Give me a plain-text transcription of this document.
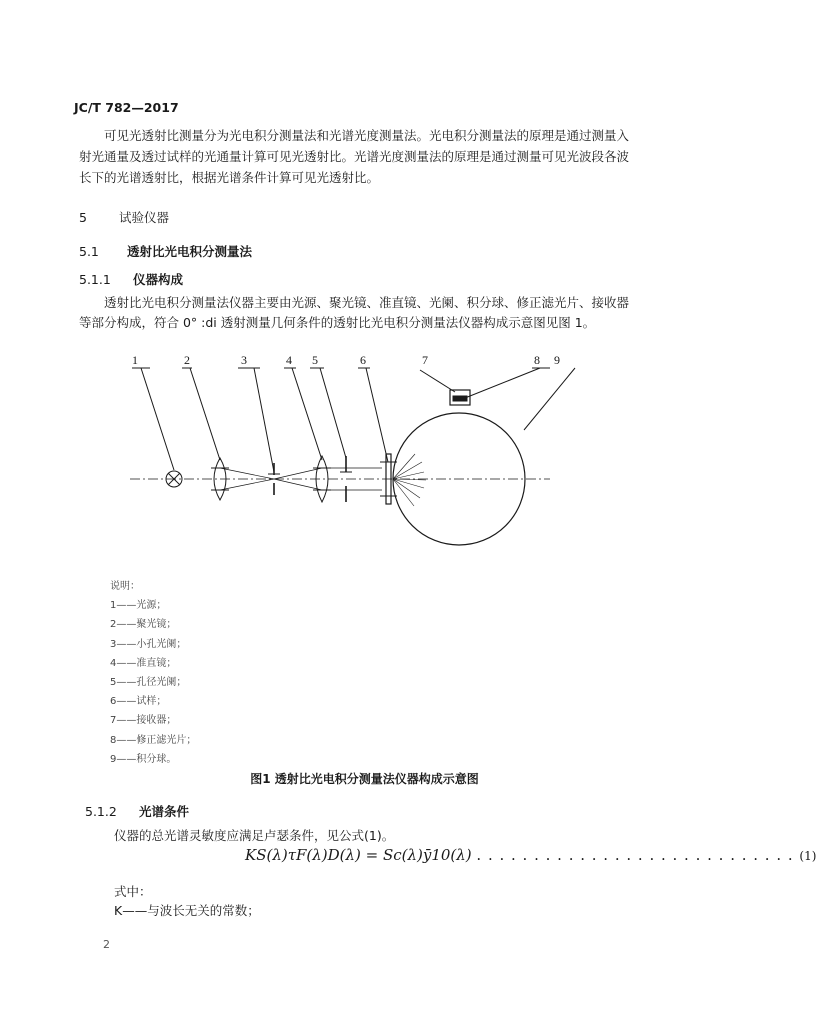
JC/T 782—2017
可见光透射比测量分为光电积分测量法和光谱光度测量法。光电积分测量法的原理是通过测量入射光通量及透过试样的光通量计算可见光透射比。光谱光度测量法的原理是通过测量可见光波段各波长下的光谱透射比，根据光谱条件计算可见光透射比。
5	试验仪器
5.1 透射比光电积分测量法
5.1.1 仪器构成
透射比光电积分测量法仪器主要由光源、聚光镜、准直镜、光阑、积分球、修正滤光片、接收器等部分构成，符合 0° :di 透射测量几何条件的透射比光电积分测量法仪器构成示意图见图 1。
1	2	3	4 5	6	7	8 9
说明：
1——光源；
2——聚光镜；
3——小孔光阑；
4——准直镜；
5——孔径光阑；
6——试样；
7——接收器；
8——修正滤光片；
9——积分球。
图1 透射比光电积分测量法仪器构成示意图
5.1.2 光谱条件
仪器的总光谱灵敏度应满足卢瑟条件，见公式(1)。
KS(λ)τF(λ)D(λ) = Sc(λ)ȳ10(λ) . . . . . . . . . . . . . . . . . . . . . . . . . . . . (1)
式中：
K——与波长无关的常数；
2
